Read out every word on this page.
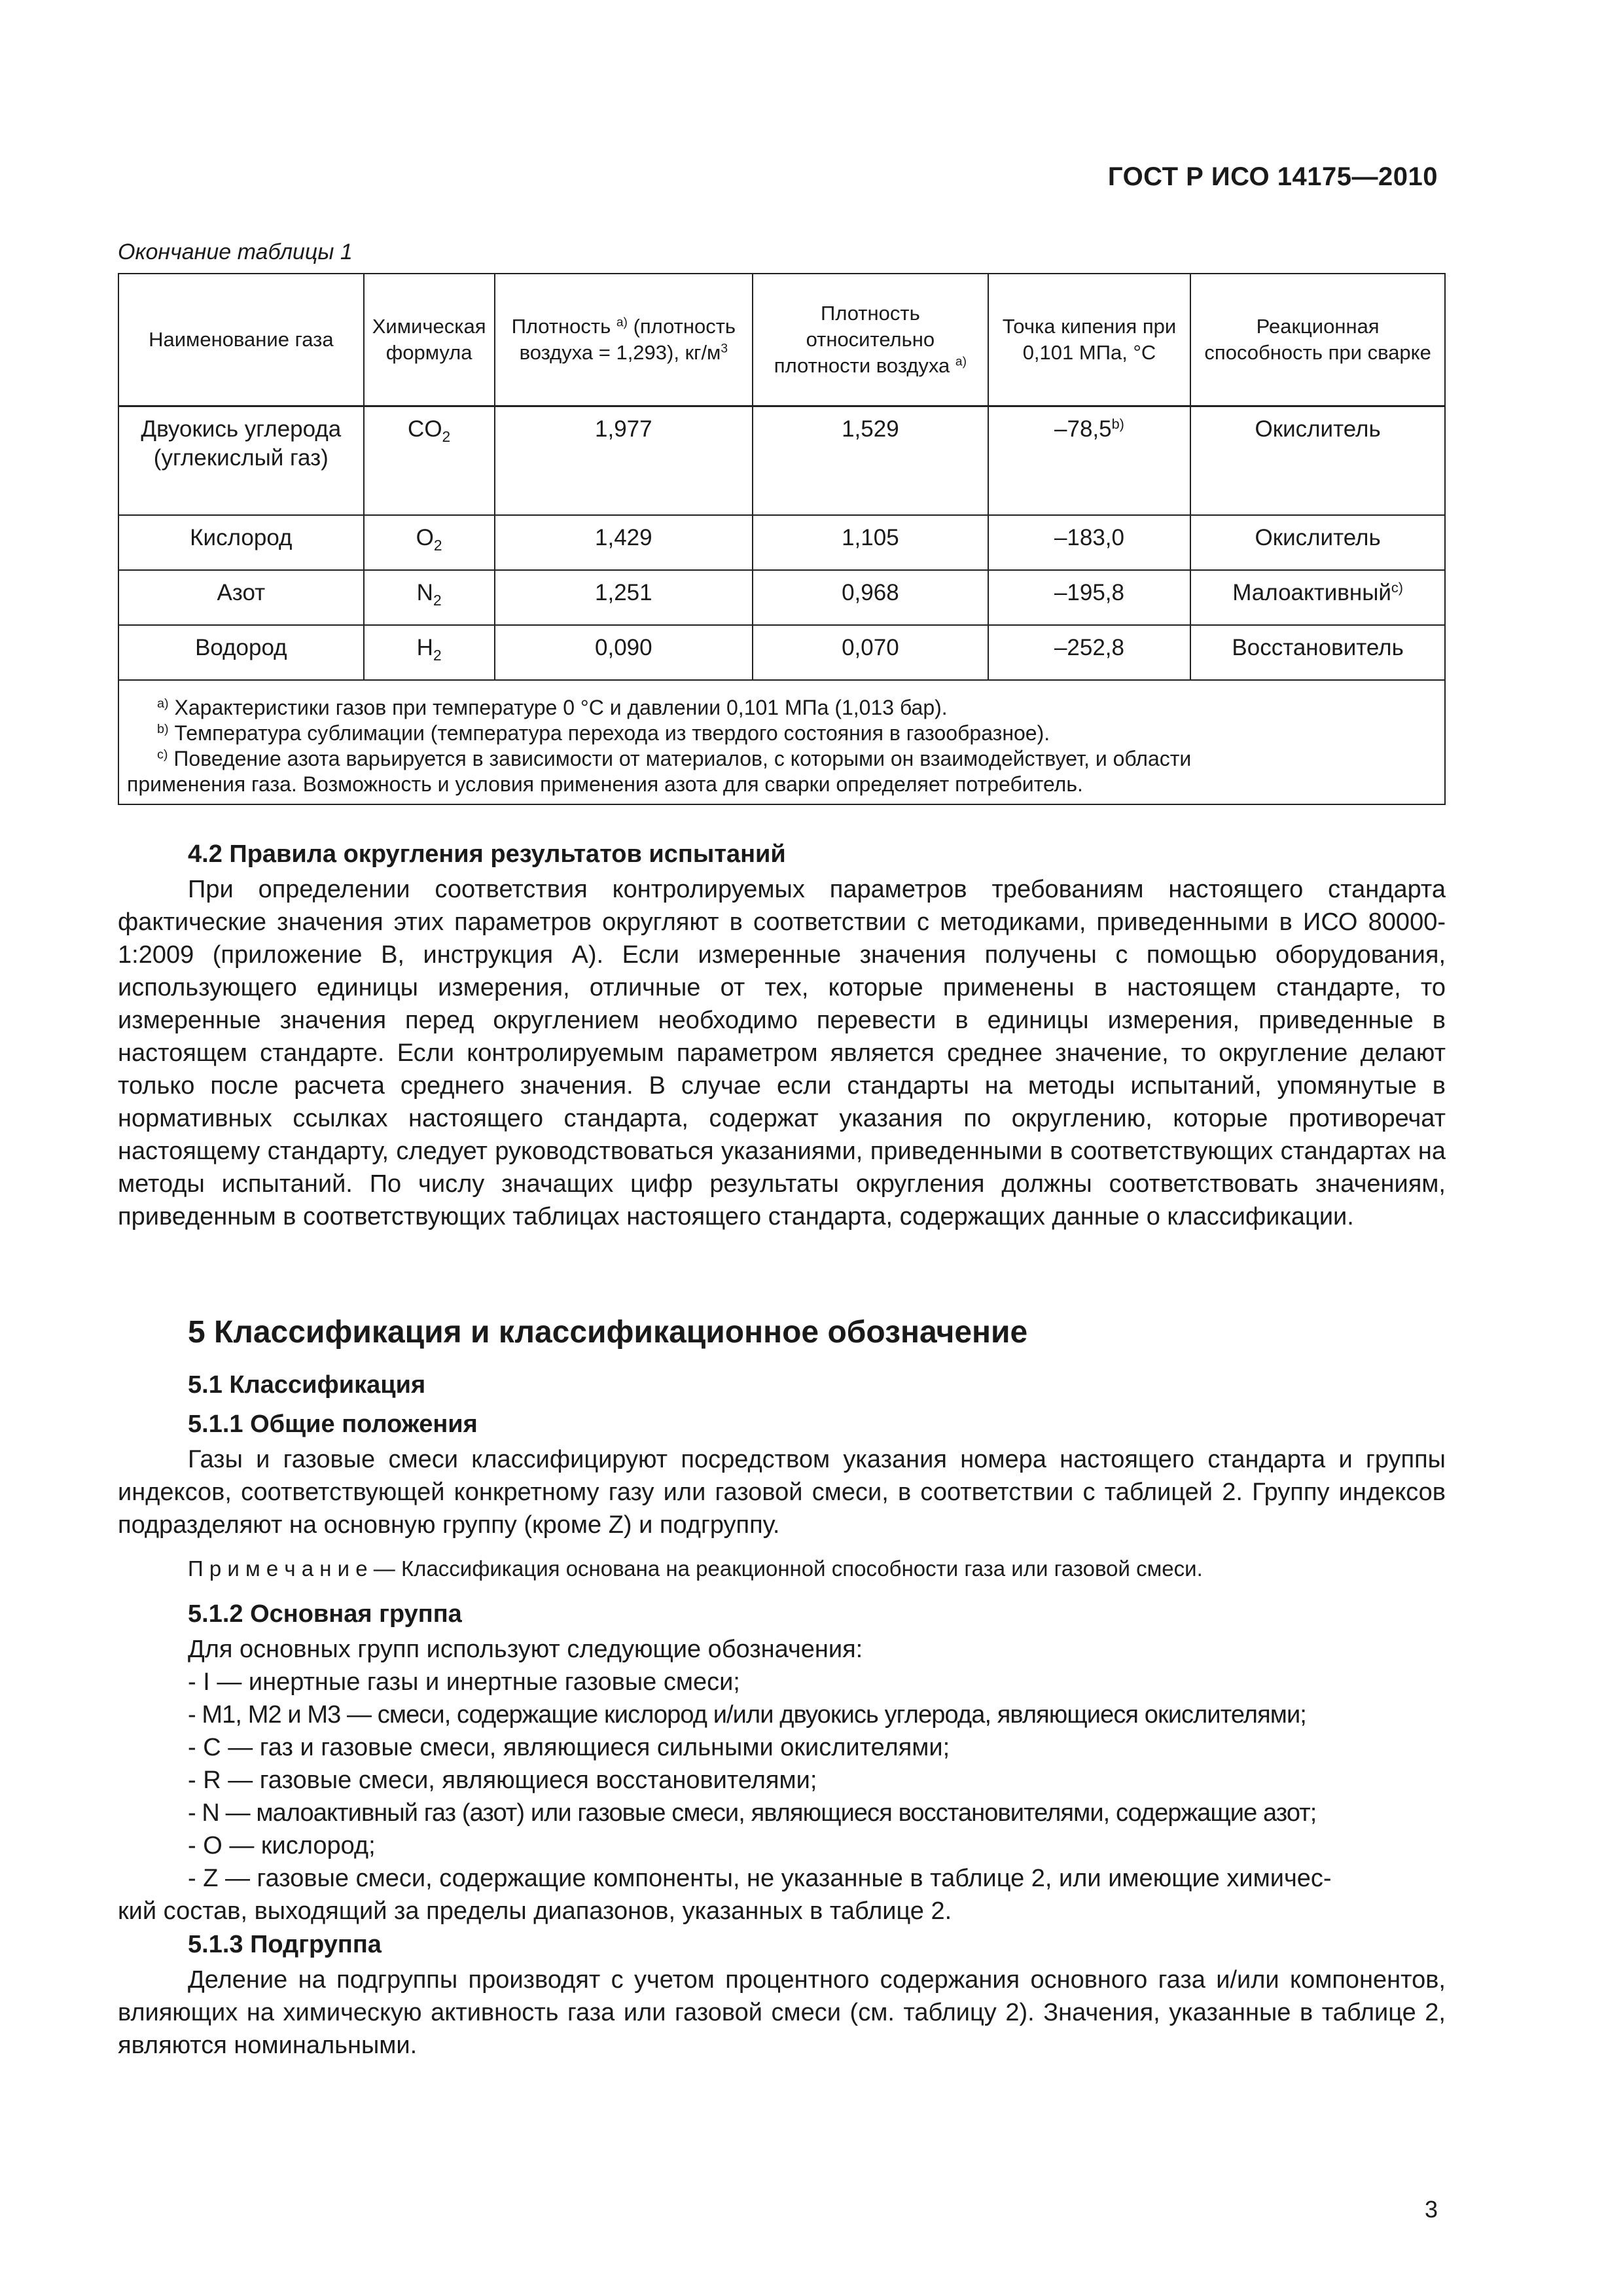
ГОСТ Р ИСО 14175—2010
Окончание таблицы 1
Наименование газа	Химическая формула	Плотность $^{а)}$ (плотность воздуха = 1,293), $кг/м^3$	Плотность относительно плотности воздуха $^{а)}$	Точка кипения при 0,101 МПа, °С	Реакционная способность при сварке
Двуокись углерода (углекислый газ)	$CO_2$	1,977	1,529	–78,5$^{b)}$	Окислитель
Кислород	$O_2$	1,429	1,105	–183,0	Окислитель
Азот	$N_2$	1,251	0,968	–195,8	Малоактивный$^{c)}$
Водород	$H_2$	0,090	0,070	–252,8	Восстановитель

$^{а)}$ Характеристики газов при температуре 0 °С и давлении 0,101 МПа (1,013 бар).
$^{b)}$ Температура сублимации (температура перехода из твердого состояния в газообразное).
$^{c)}$ Поведение азота варьируется в зависимости от материалов, с которыми он взаимодействует, и области
применения газа. Возможность и условия применения азота для сварки определяет потребитель.					
4.2 Правила округления результатов испытаний

При определении соответствия контролируемых параметров требованиям настоящего стандарта фактические значения этих параметров округляют в соответствии с методиками, приведенными в ИСО 80000-1:2009 (приложение В, инструкция А). Если измеренные значения получены с помощью оборудования, использующего единицы измерения, отличные от тех, которые применены в настоящем стандарте, то измеренные значения перед округлением необходимо перевести в единицы измерения, приведенные в настоящем стандарте. Если контролируемым параметром является среднее значение, то округление делают только после расчета среднего значения. В случае если стандарты на методы испытаний, упомянутые в нормативных ссылках настоящего стандарта, содержат указания по округлению, которые противоречат настоящему стандарту, следует руководствоваться указаниями, приведенными в соответствующих стандартах на методы испытаний. По числу значащих цифр результаты округления должны соответствовать значениям, приведенным в соответствующих таблицах настоящего стандарта, содержащих данные о классификации.

5 Классификация и классификационное обозначение
5.1 Классификация
5.1.1 Общие положения

Газы и газовые смеси классифицируют посредством указания номера настоящего стандарта и группы индексов, соответствующей конкретному газу или газовой смеси, в соответствии с таблицей 2. Группу индексов подразделяют на основную группу (кроме Z) и подгруппу.

П р и м е ч а н и е — Классификация основана на реакционной способности газа или газовой смеси.
5.1.2 Основная группа
Для основных групп используют следующие обозначения:
- I — инертные газы и инертные газовые смеси;
- M1, M2 и M3 — смеси, содержащие кислород и/или двуокись углерода, являющиеся окислителями;
- С — газ и газовые смеси, являющиеся сильными окислителями;
- R — газовые смеси, являющиеся восстановителями;
- N — малоактивный газ (азот) или газовые смеси, являющиеся восстановителями, содержащие азот;
- O — кислород;
- Z — газовые смеси, содержащие компоненты, не указанные в таблице 2, или имеющие химичес-
кий состав, выходящий за пределы диапазонов, указанных в таблице 2.
5.1.3 Подгруппа

Деление на подгруппы производят с учетом процентного содержания основного газа и/или компонентов, влияющих на химическую активность газа или газовой смеси (см. таблицу 2). Значения, указанные в таблице 2, являются номинальными.

3
